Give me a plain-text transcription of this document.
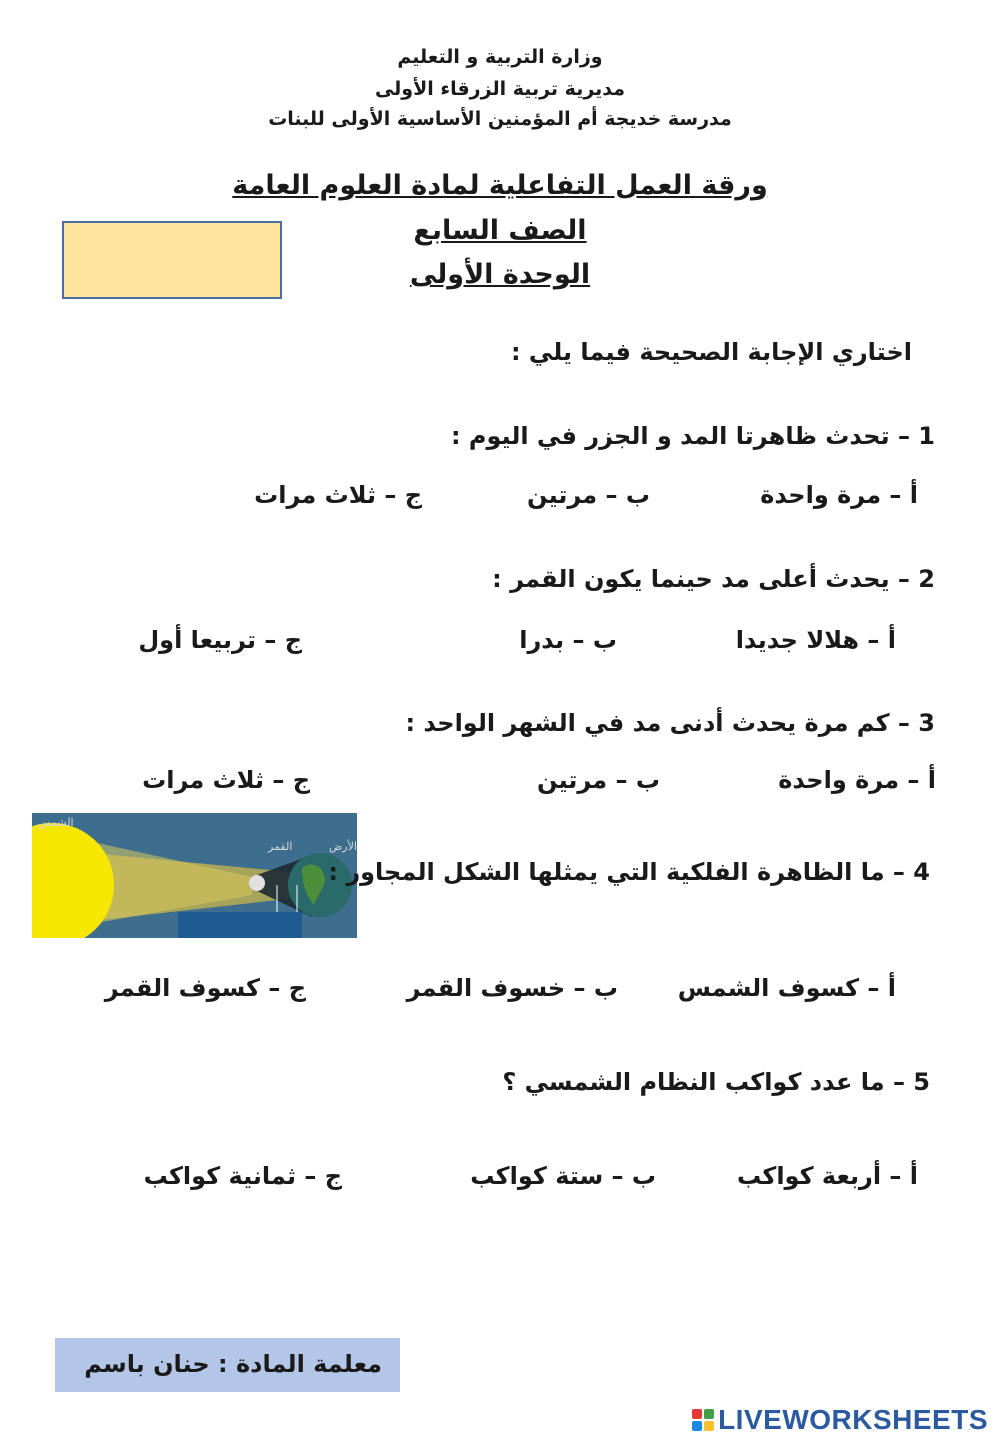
وزارة التربية و التعليم
مديرية تربية الزرقاء الأولى
مدرسة خديجة أم المؤمنين الأساسية الأولى للبنات
ورقة العمل التفاعلية لمادة العلوم العامة
الصف السابع
الوحدة الأولى
اختاري الإجابة الصحيحة فيما يلي :
1 – تحدث ظاهرتا المد و الجزر في اليوم :
أ – مرة واحدة
ب – مرتين
ج – ثلاث مرات
2 – يحدث أعلى مد حينما يكون القمر :
أ – هلالا جديدا
ب – بدرا
ج – تربيعا أول
3 – كم مرة يحدث أدنى مد في الشهر الواحد :
أ – مرة واحدة
ب – مرتين
ج – ثلاث مرات
الشمس
القمر	الأرض
4 – ما الظاهرة الفلكية التي يمثلها الشكل المجاور :
أ – كسوف الشمس
ب – خسوف القمر
ج – كسوف القمر
5 – ما عدد كواكب النظام الشمسي ؟
أ – أربعة كواكب
ب – ستة كواكب
ج – ثمانية كواكب
معلمة المادة : حنان باسم
LIVEWORKSHEETS
